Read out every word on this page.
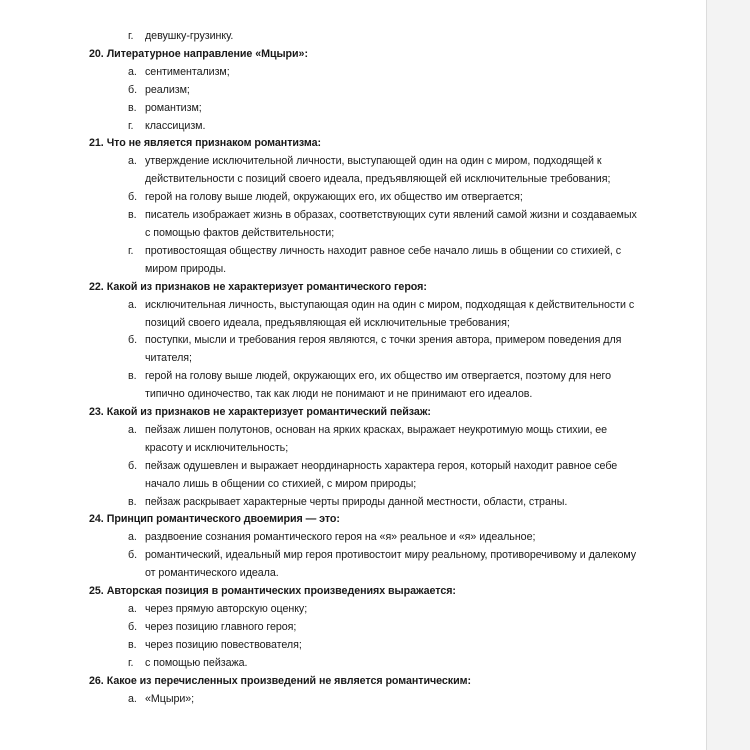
г.	девушку-грузинку.
20. Литературное направление «Мцыри»:
а. сентиментализм;
б. реализм;
в. романтизм;
г.	классицизм.
21. Что не является признаком романтизма:
а. утверждение исключительной личности, выступающей один на один с миром, подходящей к действительности с позиций своего идеала, предъявляющей ей исключительные требования;
б. герой на голову выше людей, окружающих его, их общество им отвергается;
в. писатель изображает жизнь в образах, соответствующих сути явлений самой жизни и создаваемых с помощью фактов действительности;
г.	противостоящая обществу личность находит равное себе начало лишь в общении со стихией, с миром природы.
22. Какой из признаков не характеризует романтического героя:
а. исключительная личность, выступающая один на один с миром, подходящая к действительности с позиций своего идеала, предъявляющая ей исключительные требования;
б. поступки, мысли и требования героя являются, с точки зрения автора, примером поведения для читателя;
в. герой на голову выше людей, окружающих его, их общество им отвергается, поэтому для него типично одиночество, так как люди не понимают и не принимают его идеалов.
23. Какой из признаков не характеризует романтический пейзаж:
а. пейзаж лишен полутонов, основан на ярких красках, выражает неукротимую мощь стихии, ее красоту и исключительность;
б. пейзаж одушевлен и выражает неординарность характера героя, который находит равное себе начало лишь в общении со стихией, с миром природы;
в. пейзаж раскрывает характерные черты природы данной местности, области, страны.
24. Принцип романтического двоемирия — это:
а. раздвоение сознания романтического героя на «я» реальное и «я» идеальное;
б. романтический, идеальный мир героя противостоит миру реальному, противоречивому и далекому от романтического идеала.
25. Авторская позиция в романтических произведениях выражается:
а. через прямую авторскую оценку;
б. через позицию главного героя;
в. через позицию повествователя;
г.	с помощью пейзажа.
26. Какое из перечисленных произведений не является романтическим:
а. «Мцыри»;
